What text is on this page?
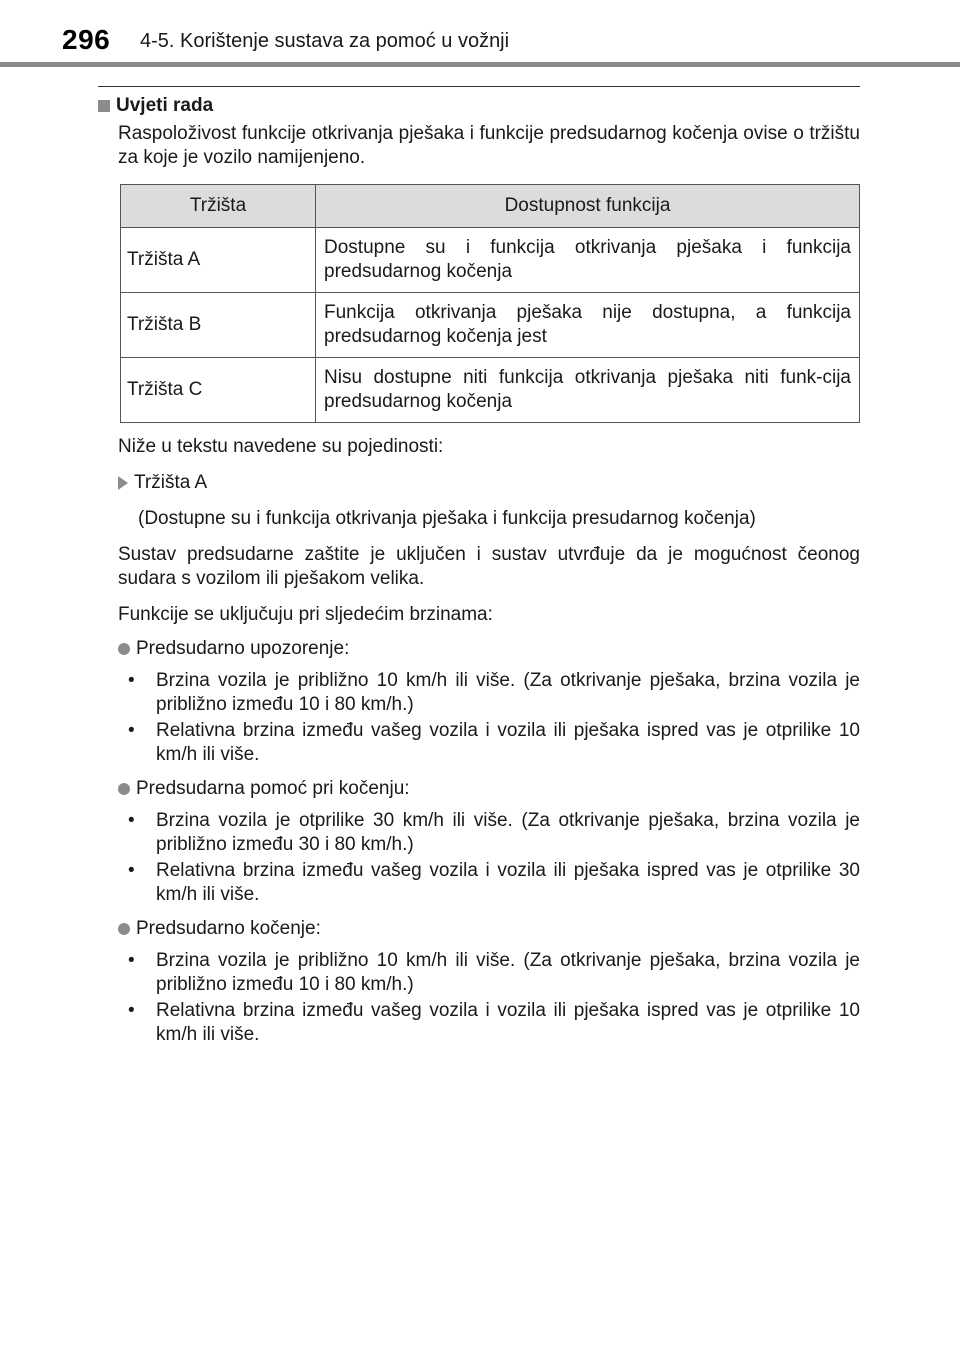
296 4-5. Korištenje sustava za pomoć u vožnji
Uvjeti rada

Raspoloživost funkcije otkrivanja pješaka i funkcije predsudarnog kočenja ovise o tržištu za koje je vozilo namijenjeno.

Tržišta	Dostupnost funkcija
Tržišta A	Dostupne su i funkcija otkrivanja pješaka i funkcija predsudarnog kočenja
Tržišta B	Funkcija otkrivanja pješaka nije dostupna, a funkcija predsudarnog kočenja jest
Tržišta C	Nisu dostupne niti funkcija otkrivanja pješaka niti funk-cija predsudarnog kočenja

Niže u tekstu navedene su pojedinosti:

Tržišta A

(Dostupne su i funkcija otkrivanja pješaka i funkcija presudarnog kočenja)

Sustav predsudarne zaštite je uključen i sustav utvrđuje da je mogućnost čeonog sudara s vozilom ili pješakom velika.

Funkcije se uključuju pri sljedećim brzinama:

Predsudarno upozorenje:
•	Brzina vozila je približno 10 km/h ili više. (Za otkrivanje pješaka, brzina vozila je približno između 10 i 80 km/h.)
•	Relativna brzina između vašeg vozila i vozila ili pješaka ispred vas je otprilike 10 km/h ili više.
Predsudarna pomoć pri kočenju:
•	Brzina vozila je otprilike 30 km/h ili više. (Za otkrivanje pješaka, brzina vozila je približno između 30 i 80 km/h.)
•	Relativna brzina između vašeg vozila i vozila ili pješaka ispred vas je otprilike 30 km/h ili više.
Predsudarno kočenje:
•	Brzina vozila je približno 10 km/h ili više. (Za otkrivanje pješaka, brzina vozila je približno između 10 i 80 km/h.)
•	Relativna brzina između vašeg vozila i vozila ili pješaka ispred vas je otprilike 10 km/h ili više.
